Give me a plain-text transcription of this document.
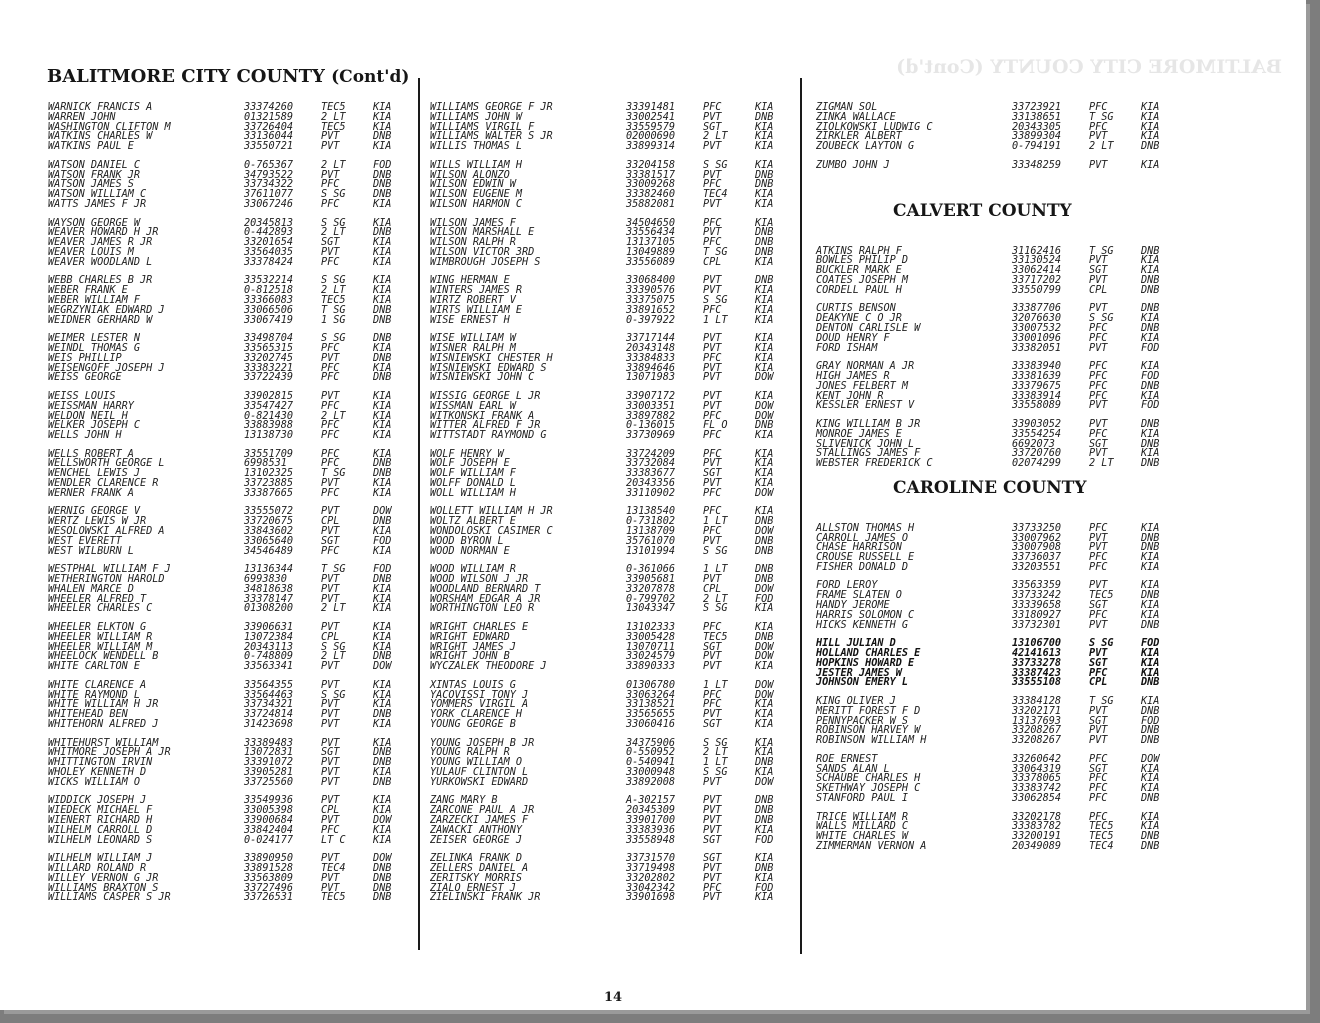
BALTIMORE CITY COUNTY (Cont'd)
BALITMORE CITY COUNTY (Cont'd)
WARNICK FRANCIS A	33374260	TEC5	KIA
WARREN JOHN	01321589	2 LT	KIA
WASHINGTON CLIFTON M	33726404	TEC5	KIA
WATKINS CHARLES W	33136044	PVT	DNB
WATKINS PAUL E	33550721	PVT	KIA
WATSON DANIEL C	0-765367	2 LT	FOD
WATSON FRANK JR	34793522	PVT	DNB
WATSON JAMES S	33734322	PFC	DNB
WATSON WILLIAM C	37611077	S SG	DNB
WATTS JAMES F JR	33067246	PFC	KIA
WAYSON GEORGE W	20345813	S SG	KIA
WEAVER HOWARD H JR	0-442893	2 LT	DNB
WEAVER JAMES R JR	33201654	SGT	KIA
WEAVER LOUIS M	33564035	PVT	KIA
WEAVER WOODLAND L	33378424	PFC	KIA
WEBB CHARLES B JR	33532214	S SG	KIA
WEBER FRANK E	0-812518	2 LT	KIA
WEBER WILLIAM F	33366083	TEC5	KIA
WEGRZYNIAK EDWARD J	33066506	T SG	DNB
WEIDNER GERHARD W	33067419	1 SG	DNB
WEIMER LESTER N	33498704	S SG	DNB
WEINDL THOMAS G	33565315	PFC	KIA
WEIS PHILLIP	33202745	PVT	DNB
WEISENGOFF JOSEPH J	33383221	PFC	KIA
WEISS GEORGE	33722439	PFC	DNB
WEISS LOUIS	33902815	PVT	KIA
WEISSMAN HARRY	33547427	PFC	KIA
WELDON NEIL H	0-821430	2 LT	KIA
WELKER JOSEPH C	33883988	PFC	KIA
WELLS JOHN H	13138730	PFC	KIA
WELLS ROBERT A	33551709	PFC	KIA
WELLSWORTH GEORGE L	6998531	PFC	DNB
WENCHEL LEWIS J	13102325	T SG	DNB
WENDLER CLARENCE R	33723885	PVT	KIA
WERNER FRANK A	33387665	PFC	KIA
WERNIG GEORGE V	33555072	PVT	DOW
WERTZ LEWIS W JR	33720675	CPL	DNB
WESOLOWSKI ALFRED A	33843602	PVT	KIA
WEST EVERETT	33065640	SGT	FOD
WEST WILBURN L	34546489	PFC	KIA
WESTPHAL WILLIAM F J	13136344	T SG	FOD
WETHERINGTON HAROLD	6993830	PVT	DNB
WHALEN MARCE D	34818638	PVT	KIA
WHEELER ALFRED T	33378147	PVT	KIA
WHEELER CHARLES C	01308200	2 LT	KIA
WHEELER ELKTON G	33906631	PVT	KIA
WHEELER WILLIAM R	13072384	CPL	KIA
WHEELER WILLIAM M	20343113	S SG	KIA
WHEELOCK WENDELL B	0-748809	2 LT	DNB
WHITE CARLTON E	33563341	PVT	DOW
WHITE CLARENCE A	33564355	PVT	KIA
WHITE RAYMOND L	33564463	S SG	KIA
WHITE WILLIAM H JR	33734321	PVT	KIA
WHITEHEAD BEN	33724814	PVT	DNB
WHITEHORN ALFRED J	31423698	PVT	KIA
WHITEHURST WILLIAM	33389483	PVT	KIA
WHITMORE JOSEPH A JR	13072831	SGT	DNB
WHITTINGTON IRVIN	33391072	PVT	DNB
WHOLEY KENNETH D	33905281	PVT	KIA
WICKS WILLIAM O	33725560	PVT	DNB
WIDDICK JOSEPH J	33549936	PVT	KIA
WIEDECK MICHAEL F	33005398	CPL	KIA
WIENERT RICHARD H	33900684	PVT	DOW
WILHELM CARROLL D	33842404	PFC	KIA
WILHELM LEONARD S	0-024177	LT C	KIA
WILHELM WILLIAM J	33890950	PVT	DOW
WILLARD ROLAND R	33891528	TEC4	DNB
WILLEY VERNON G JR	33563809	PVT	DNB
WILLIAMS BRAXTON S	33727496	PVT	DNB
WILLIAMS CASPER S JR	33726531	TEC5	DNB
WILLIAMS GEORGE F JR	33391481	PFC	KIA
WILLIAMS JOHN W	33002541	PVT	DNB
WILLIAMS VIRGIL F	33559579	SGT	KIA
WILLIAMS WALTER S JR	02000690	2 LT	KIA
WILLIS THOMAS L	33899314	PVT	KIA
WILLS WILLIAM H	33204158	S SG	KIA
WILSON ALONZO	33381517	PVT	DNB
WILSON EDWIN W	33009268	PFC	DNB
WILSON EUGENE M	33382460	TEC4	KIA
WILSON HARMON C	35882081	PVT	KIA
WILSON JAMES F	34504650	PFC	KIA
WILSON MARSHALL E	33556434	PVT	DNB
WILSON RALPH R	13137105	PFC	DNB
WILSON VICTOR 3RD	13049889	T SG	DNB
WIMBROUGH JOSEPH S	33556089	CPL	KIA
WING HERMAN E	33068400	PVT	DNB
WINTERS JAMES R	33390576	PVT	KIA
WIRTZ ROBERT V	33375075	S SG	KIA
WIRTS WILLIAM E	33891652	PFC	KIA
WISE ERNEST H	0-397922	1 LT	KIA
WISE WILLIAM W	33717144	PVT	KIA
WISNER RALPH M	20343148	PVT	KIA
WISNIEWSKI CHESTER H	33384833	PFC	KIA
WISNIEWSKI EDWARD S	33894646	PVT	KIA
WISNIEWSKI JOHN C	13071983	PVT	DOW
WISSIG GEORGE L JR	33907172	PVT	KIA
WISSMAN EARL W	33003351	PVT	DOW
WITKONSKI FRANK A	33897882	PFC	DOW
WITTER ALFRED F JR	0-136015	FL O	DNB
WITTSTADT RAYMOND G	33730969	PFC	KIA
WOLF HENRY W	33724209	PFC	KIA
WOLF JOSEPH E	33732084	PVT	KIA
WOLF WILLIAM F	33383677	SGT	KIA
WOLFF DONALD L	20343356	PVT	KIA
WOLL WILLIAM H	33110902	PFC	DOW
WOLLETT WILLIAM H JR	13138540	PFC	KIA
WOLTZ ALBERT E	0-731802	1 LT	DNB
WONDOLOSKI CASIMER C	13138709	PFC	DOW
WOOD BYRON L	35761070	PVT	DNB
WOOD NORMAN E	13101994	S SG	DNB
WOOD WILLIAM R	0-361066	1 LT	DNB
WOOD WILSON J JR	33905681	PVT	DNB
WOODLAND BERNARD T	33207878	CPL	DOW
WORSHAM EDGAR A JR	0-799702	2 LT	FOD
WORTHINGTON LEO R	13043347	S SG	KIA
WRIGHT CHARLES E	13102333	PFC	KIA
WRIGHT EDWARD	33005428	TEC5	DNB
WRIGHT JAMES J	13070711	SGT	DOW
WRIGHT JOHN B	33024579	PVT	DOW
WYCZALEK THEODORE J	33890333	PVT	KIA
XINTAS LOUIS G	01306780	1 LT	DOW
YACOVISSI TONY J	33063264	PFC	DOW
YOMMERS VIRGIL A	33138521	PFC	KIA
YORK CLARENCE H	33565655	PVT	KIA
YOUNG GEORGE B	33060416	SGT	KIA
YOUNG JOSEPH B JR	34375906	S SG	KIA
YOUNG RALPH R	0-550952	2 LT	KIA
YOUNG WILLIAM O	0-540941	1 LT	DNB
YULAUF CLINTON L	33000948	S SG	KIA
YURKOWSKI EDWARD	33892008	PVT	DOW
ZANG MARY B	A-302157	PVT	DNB
ZARCONE PAUL A JR	20345309	PVT	DNB
ZARZECKI JAMES F	33901700	PVT	DNB
ZAWACKI ANTHONY	33383936	PVT	KIA
ZEISER GEORGE J	33558948	SGT	FOD
ZELINKA FRANK D	33731570	SGT	KIA
ZELLERS DANIEL A	33719498	PVT	DNB
ZERITSKY MORRIS	33202802	PVT	KIA
ZIALO ERNEST J	33042342	PFC	FOD
ZIELINSKI FRANK JR	33901698	PVT	KIA
ZIGMAN SOL	33723921	PFC	KIA
ZINKA WALLACE	33138651	T SG	KIA
ZIOLKOWSKI LUDWIG C	20343305	PFC	KIA
ZIRKLER ALBERT	33899304	PVT	KIA
ZOUBECK LAYTON G	0-794191	2 LT	DNB
ZUMBO JOHN J	33348259	PVT	KIA
CALVERT COUNTY
ATKINS RALPH F	31162416	T SG	DNB
BOWLES PHILIP D	33130524	PVT	KIA
BUCKLER MARK E	33062414	SGT	KIA
COATES JOSEPH M	33717202	PVT	DNB
CORDELL PAUL H	33550799	CPL	DNB
CURTIS BENSON	33387706	PVT	DNB
DEAKYNE C O JR	32076630	S SG	KIA
DENTON CARLISLE W	33007532	PFC	DNB
DOUD HENRY F	33001096	PFC	KIA
FORD ISHAM	33382051	PVT	FOD
GRAY NORMAN A JR	33383940	PFC	KIA
HIGH JAMES R	33381639	PFC	FOD
JONES FELBERT M	33379675	PFC	DNB
KENT JOHN R	33383914	PFC	KIA
KESSLER ERNEST V	33558089	PVT	FOD
KING WILLIAM B JR	33903052	PVT	DNB
MONROE JAMES E	33554254	PFC	KIA
SLIVENICK JOHN L	6692073	SGT	DNB
STALLINGS JAMES F	33720760	PVT	KIA
WEBSTER FREDERICK C	02074299	2 LT	DNB
CAROLINE COUNTY
ALLSTON THOMAS H	33733250	PFC	KIA
CARROLL JAMES O	33007962	PVT	DNB
CHASE HARRISON	33007908	PVT	DNB
CROUSE RUSSELL E	33736037	PFC	KIA
FISHER DONALD D	33203551	PFC	KIA
FORD LEROY	33563359	PVT	KIA
FRAME SLATEN O	33733242	TEC5	DNB
HANDY JEROME	33339658	SGT	KIA
HARRIS SOLOMON C	33180927	PFC	KIA
HICKS KENNETH G	33732301	PVT	DNB
HILL JULIAN D	13106700	S SG	FOD
HOLLAND CHARLES E	42141613	PVT	KIA
HOPKINS HOWARD E	33733278	SGT	KIA
JESTER JAMES W	33387423	PFC	KIA
JOHNSON EMERY L	33555108	CPL	DNB
KING OLIVER J	33384128	T SG	KIA
MERITT FOREST F D	33202171	PVT	DNB
PENNYPACKER W S	13137693	SGT	FOD
ROBINSON HARVEY W	33208267	PVT	DNB
ROBINSON WILLIAM H	33208267	PVT	DNB
ROE ERNEST	33260642	PFC	DOW
SANDS ALAN L	33064319	SGT	KIA
SCHAUBE CHARLES H	33378065	PFC	KIA
SKETHWAY JOSEPH C	33383742	PFC	KIA
STANFORD PAUL I	33062854	PFC	DNB
TRICE WILLIAM R	33202178	PFC	KIA
WALLS MILLARD C	33383782	TEC5	KIA
WHITE CHARLES W	33200191	TEC5	DNB
ZIMMERMAN VERNON A	20349089	TEC4	DNB
14
